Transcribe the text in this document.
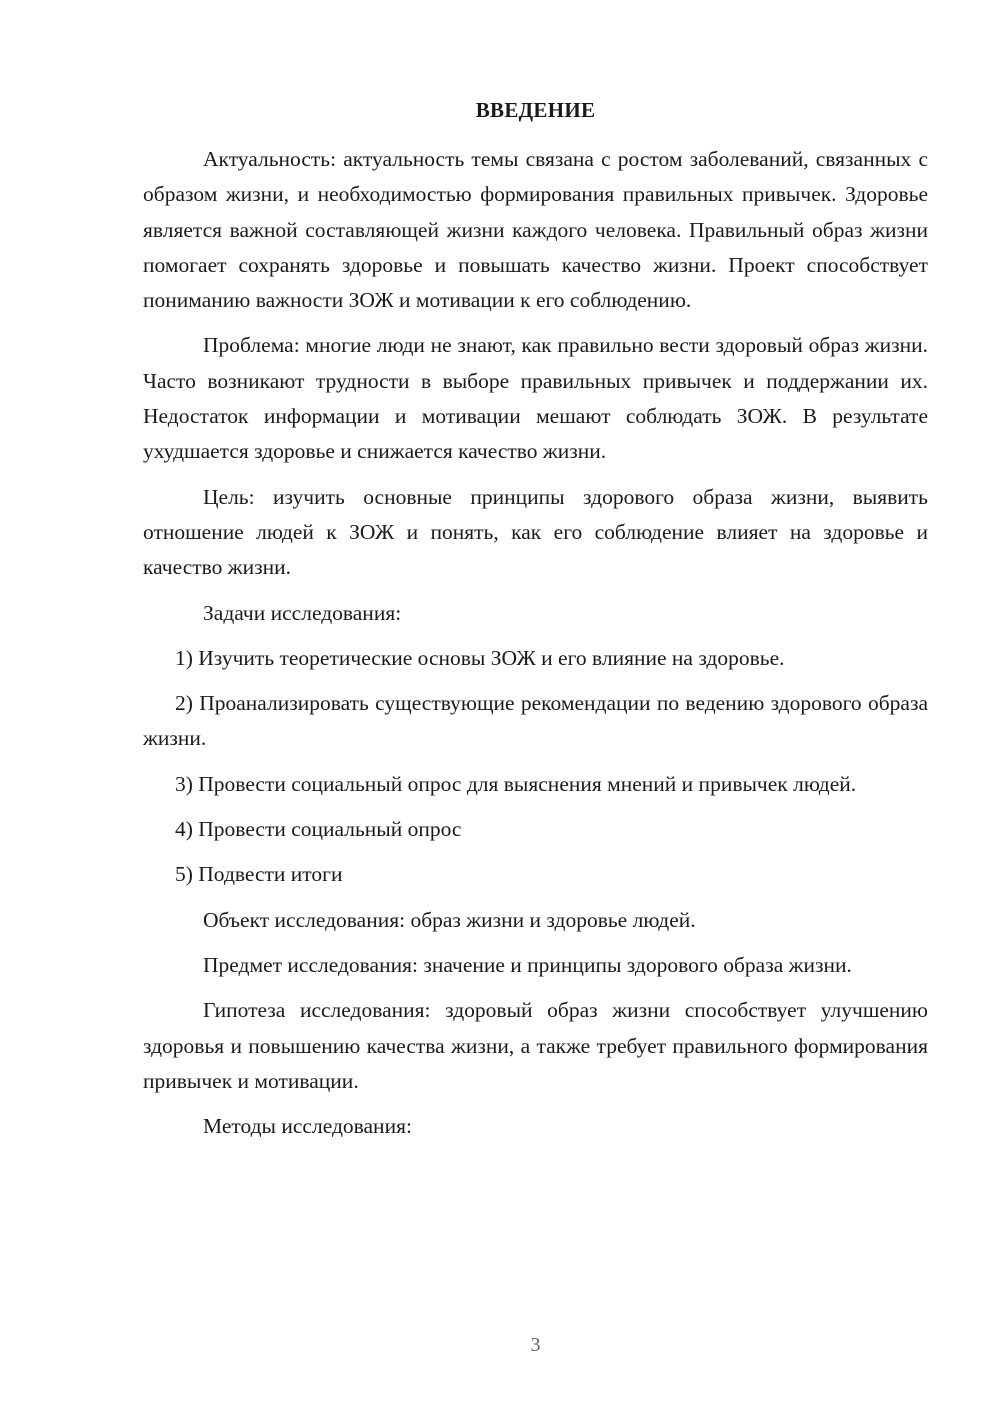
ВВЕДЕНИЕ

Актуальность: актуальность темы связана с ростом заболеваний, связанных с образом жизни, и необходимостью формирования правильных привычек. Здоровье является важной составляющей жизни каждого человека. Правильный образ жизни помогает сохранять здоровье и повышать качество жизни. Проект способствует пониманию важности ЗОЖ и мотивации к его соблюдению.

Проблема: многие люди не знают, как правильно вести здоровый образ жизни. Часто возникают трудности в выборе правильных привычек и поддержании их. Недостаток информации и мотивации мешают соблюдать ЗОЖ. В результате ухудшается здоровье и снижается качество жизни.

Цель: изучить основные принципы здорового образа жизни, выявить отношение людей к ЗОЖ и понять, как его соблюдение влияет на здоровье и качество жизни.

Задачи исследования:

1) Изучить теоретические основы ЗОЖ и его влияние на здоровье.

2) Проанализировать существующие рекомендации по ведению здорового образа жизни.

3) Провести социальный опрос для выяснения мнений и привычек людей.

4) Провести социальный опрос

5) Подвести итоги

Объект исследования: образ жизни и здоровье людей.

Предмет исследования: значение и принципы здорового образа жизни.

Гипотеза исследования: здоровый образ жизни способствует улучшению здоровья и повышению качества жизни, а также требует правильного формирования привычек и мотивации.

Методы исследования:

3
